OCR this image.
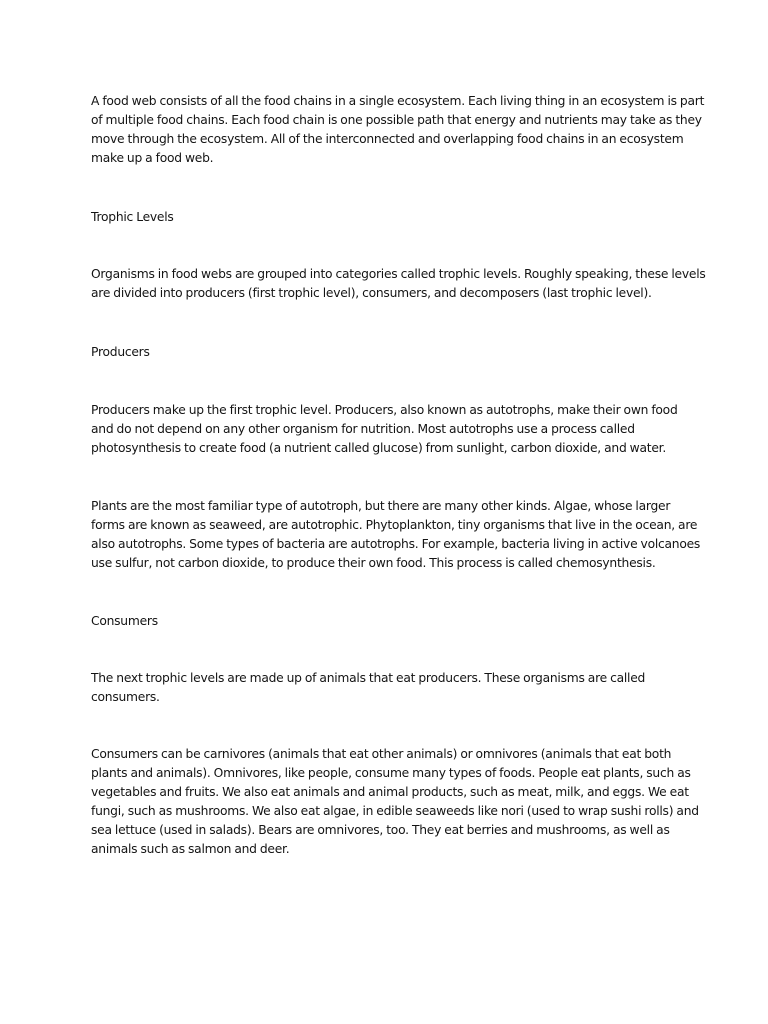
A food web consists of all the food chains in a single ecosystem. Each living thing in an ecosystem is part
of multiple food chains. Each food chain is one possible path that energy and nutrients may take as they
move through the ecosystem. All of the interconnected and overlapping food chains in an ecosystem
make up a food web.

Trophic Levels

Organisms in food webs are grouped into categories called trophic levels. Roughly speaking, these levels
are divided into producers (first trophic level), consumers, and decomposers (last trophic level).

Producers

Producers make up the first trophic level. Producers, also known as autotrophs, make their own food
and do not depend on any other organism for nutrition. Most autotrophs use a process called
photosynthesis to create food (a nutrient called glucose) from sunlight, carbon dioxide, and water.

Plants are the most familiar type of autotroph, but there are many other kinds. Algae, whose larger
forms are known as seaweed, are autotrophic. Phytoplankton, tiny organisms that live in the ocean, are
also autotrophs. Some types of bacteria are autotrophs. For example, bacteria living in active volcanoes
use sulfur, not carbon dioxide, to produce their own food. This process is called chemosynthesis.

Consumers

The next trophic levels are made up of animals that eat producers. These organisms are called
consumers.

Consumers can be carnivores (animals that eat other animals) or omnivores (animals that eat both
plants and animals). Omnivores, like people, consume many types of foods. People eat plants, such as
vegetables and fruits. We also eat animals and animal products, such as meat, milk, and eggs. We eat
fungi, such as mushrooms. We also eat algae, in edible seaweeds like nori (used to wrap sushi rolls) and
sea lettuce (used in salads). Bears are omnivores, too. They eat berries and mushrooms, as well as
animals such as salmon and deer.
